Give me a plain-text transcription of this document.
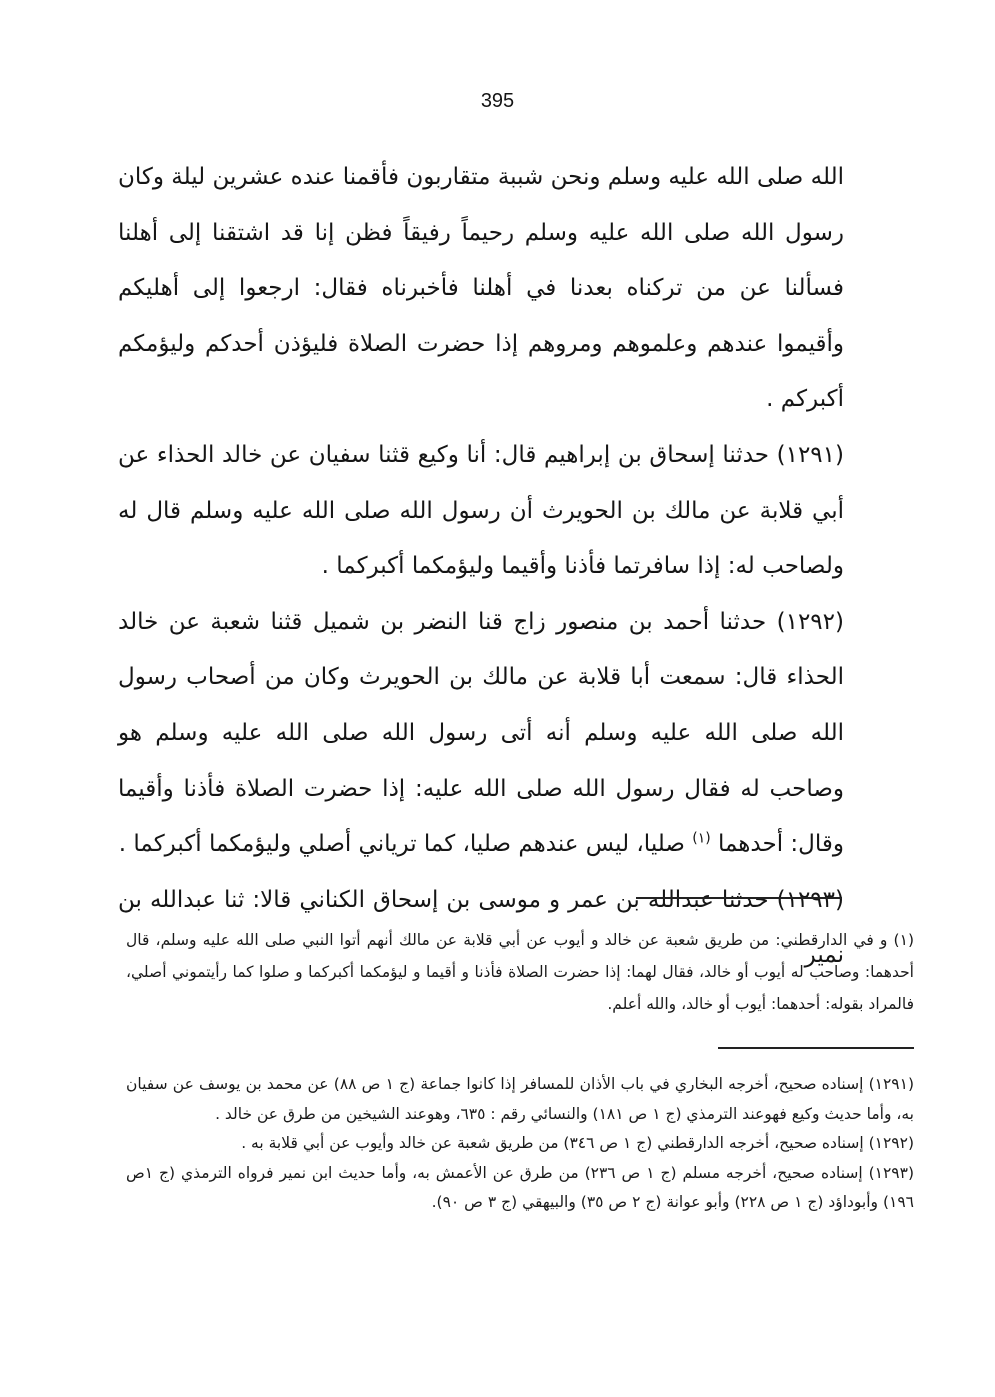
395

الله صلى الله عليه وسلم ونحن شببة متقاربون فأقمنا عنده عشرين ليلة وكان رسول الله صلى الله عليه وسلم رحيماً رفيقاً فظن إنا قد اشتقنا إلى أهلنا فسألنا عن من تركناه بعدنا في أهلنا فأخبرناه فقال: ارجعوا إلى أهليكم وأقيموا عندهم وعلموهم ومروهم إذا حضرت الصلاة فليؤذن أحدكم وليؤمكم أكبركم .

(١٢٩١) حدثنا إسحاق بن إبراهيم قال: أنا وكيع قثنا سفيان عن خالد الحذاء عن أبي قلابة عن مالك بن الحويرث أن رسول الله صلى الله عليه وسلم قال له ولصاحب له: إذا سافرتما فأذنا وأقيما وليؤمكما أكبركما .

(١٢٩٢) حدثنا أحمد بن منصور زاج قنا النضر بن شميل قثنا شعبة عن خالد الحذاء قال: سمعت أبا قلابة عن مالك بن الحويرث وكان من أصحاب رسول الله صلى الله عليه وسلم أنه أتى رسول الله صلى الله عليه وسلم هو وصاحب له فقال رسول الله صلى الله عليه: إذا حضرت الصلاة فأذنا وأقيما وقال: أحدهما $^{(١)}$ صليا، ليس عندهم صليا، كما ترياني أصلي وليؤمكما أكبركما .

(١٢٩٣) حدثنا عبدالله بن عمر و موسى بن إسحاق الكناني قالا: ثنا عبدالله بن نمير

(١) و في الدارقطني: من طريق شعبة عن خالد و أيوب عن أبي قلابة عن مالك أنهم أتوا النبي صلى الله عليه وسلم، قال أحدهما: وصاحب له أيوب أو خالد، فقال لهما: إذا حضرت الصلاة فأذنا و أقيما و ليؤمكما أكبركما و صلوا كما رأيتموني أصلي، فالمراد بقوله: أحدهما: أيوب أو خالد، والله أعلم.

(١٢٩١) إسناده صحيح، أخرجه البخاري في باب الأذان للمسافر إذا كانوا جماعة (ج ١ ص ٨٨) عن محمد بن يوسف عن سفيان به، وأما حديث وكيع فهوعند الترمذي (ج ١ ص ١٨١) والنسائي رقم : ٦٣٥، وهوعند الشيخين من طرق عن خالد .

(١٢٩٢) إسناده صحيح، أخرجه الدارقطني (ج ١ ص ٣٤٦) من طريق شعبة عن خالد وأيوب عن أبي قلابة به .

(١٢٩٣) إسناده صحيح، أخرجه مسلم (ج ١ ص ٢٣٦) من طرق عن الأعمش به، وأما حديث ابن نمير فرواه الترمذي (ج ١ص ١٩٦) وأبوداؤد (ج ١ ص ٢٢٨) وأبو عوانة (ج ٢ ص ٣٥) والبيهقي (ج ٣ ص ٩٠).
